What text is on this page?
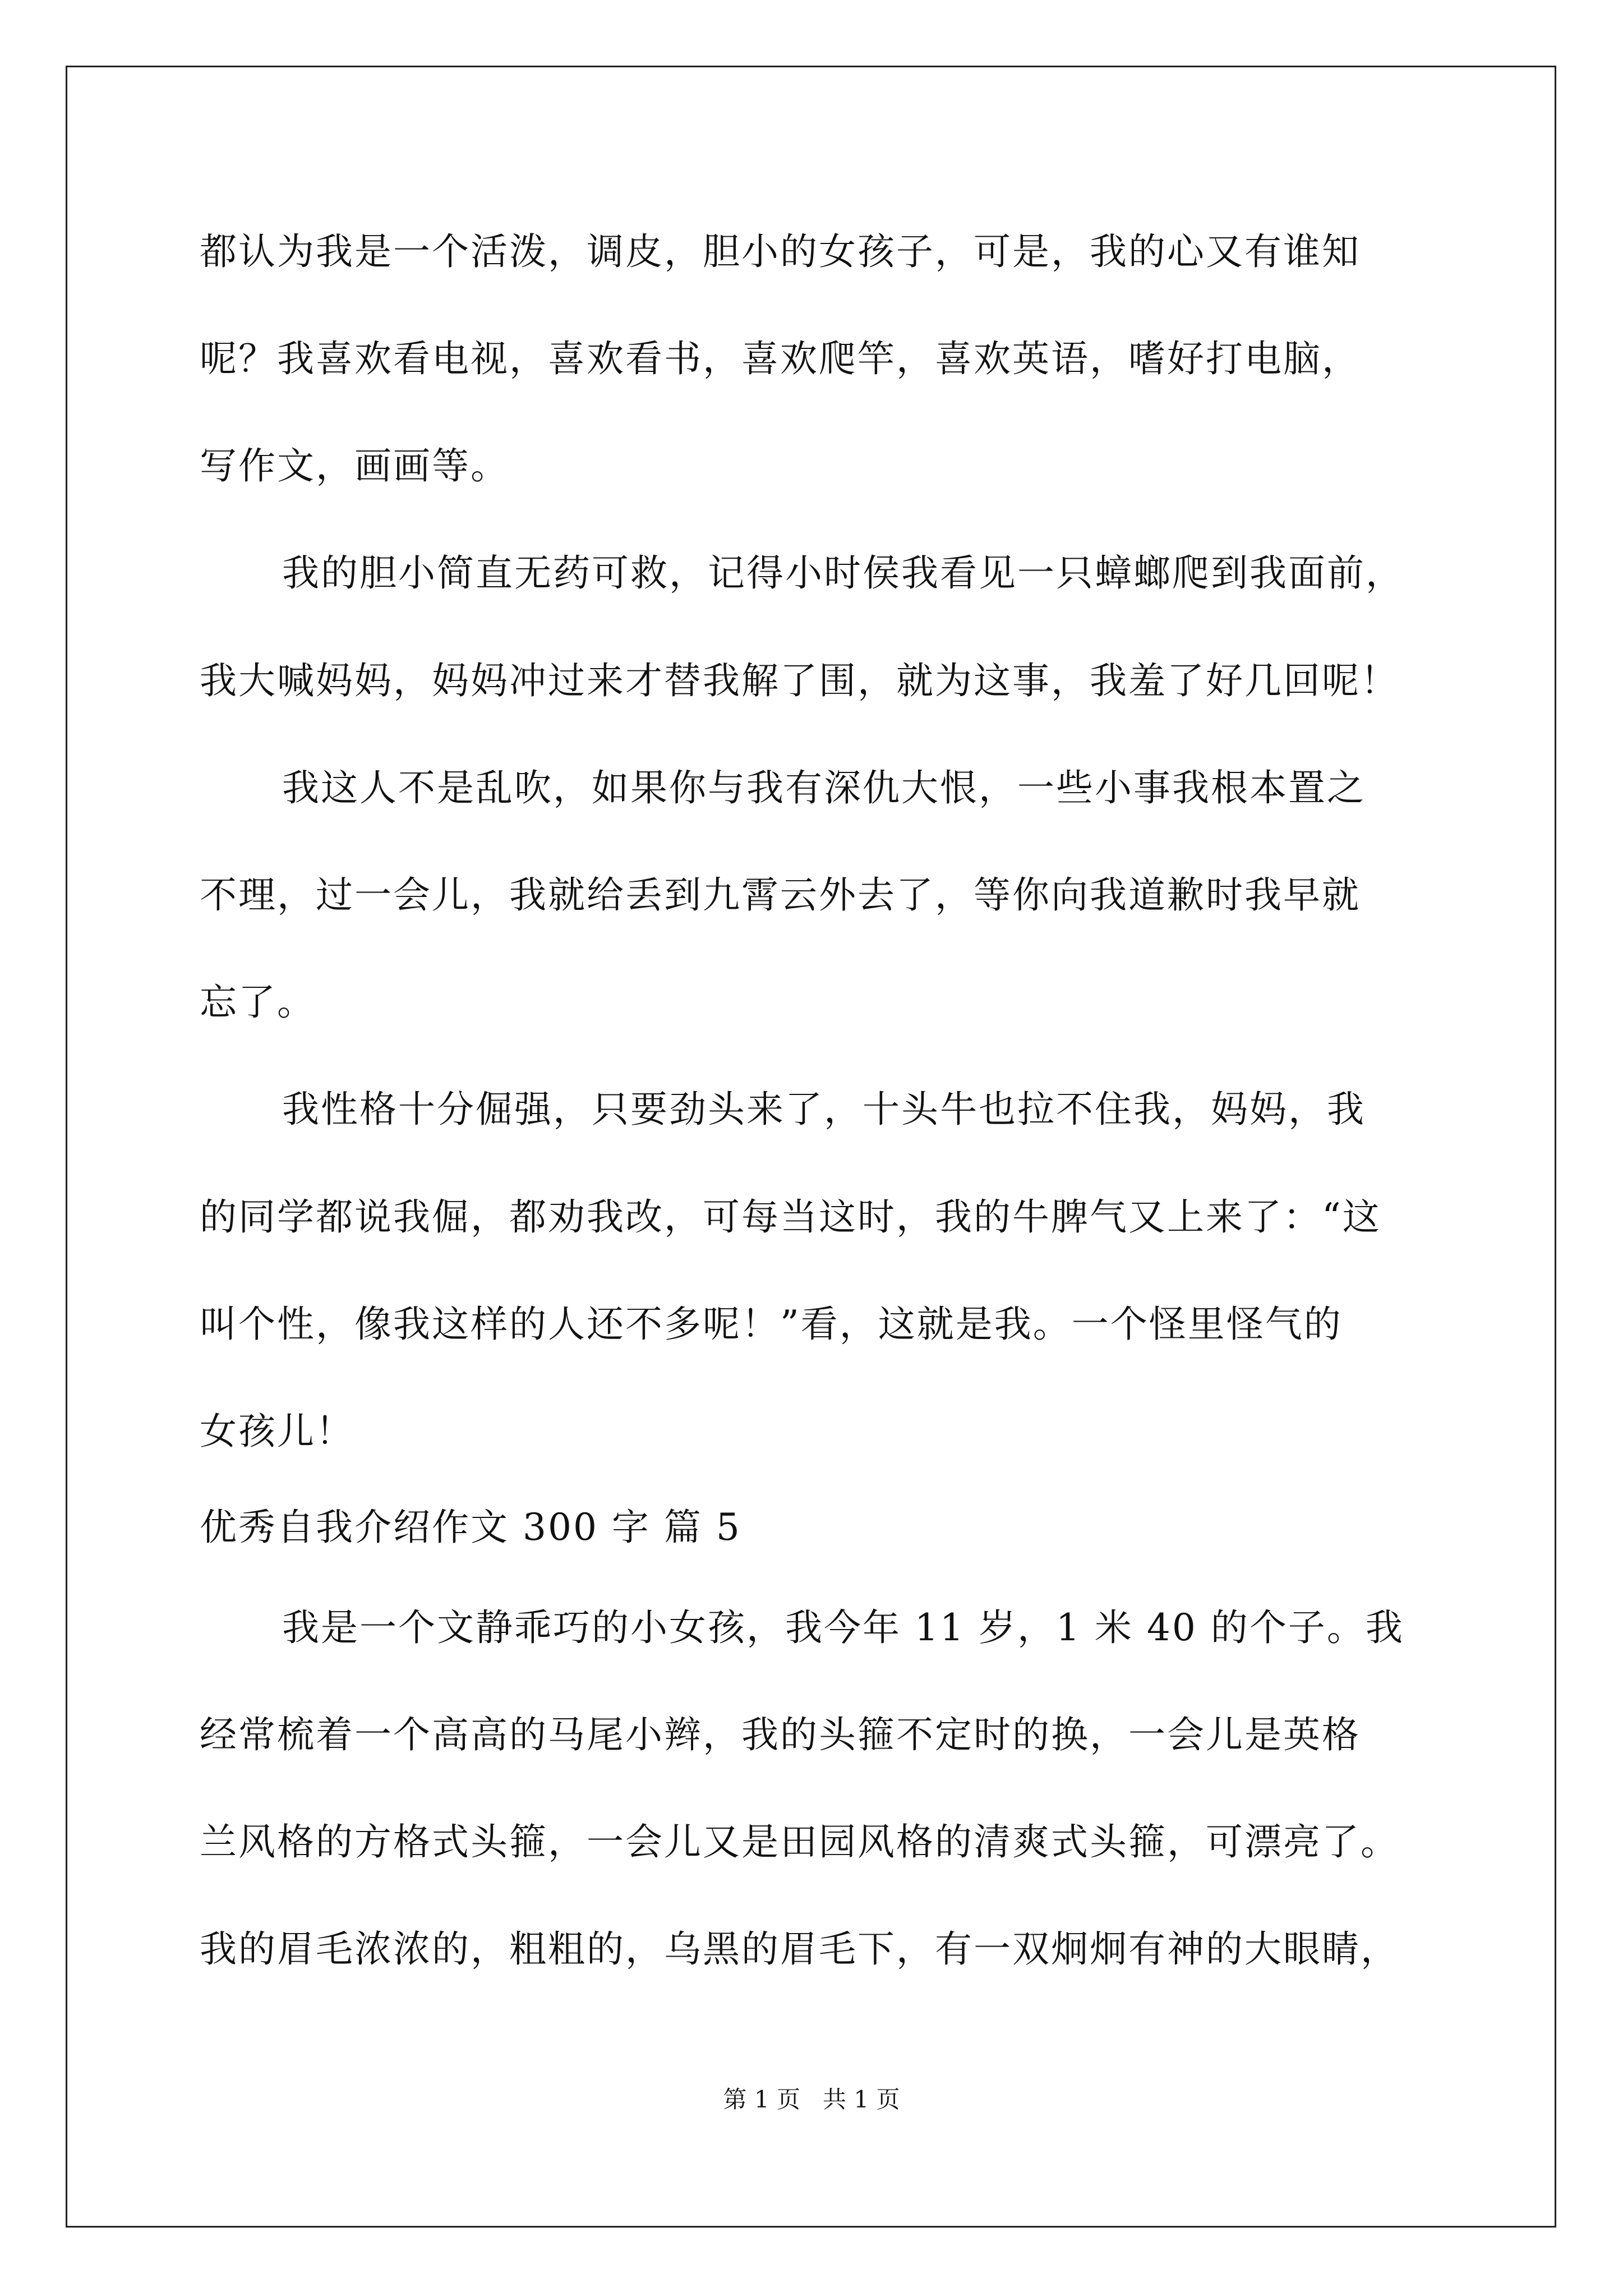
都认为我是一个活泼，调皮，胆小的女孩子，可是，我的心又有谁知
呢？我喜欢看电视，喜欢看书，喜欢爬竿，喜欢英语，嗜好打电脑，
写作文，画画等。
我的胆小简直无药可救，记得小时侯我看见一只蟑螂爬到我面前，
我大喊妈妈，妈妈冲过来才替我解了围，就为这事，我羞了好几回呢！
我这人不是乱吹，如果你与我有深仇大恨，一些小事我根本置之
不理，过一会儿，我就给丢到九霄云外去了，等你向我道歉时我早就
忘了。
我性格十分倔强，只要劲头来了，十头牛也拉不住我，妈妈，我
的同学都说我倔，都劝我改，可每当这时，我的牛脾气又上来了：“这
叫个性，像我这样的人还不多呢！”看，这就是我。一个怪里怪气的
女孩儿！
优秀自我介绍作文 300 字 篇 5
我是一个文静乖巧的小女孩，我今年 11 岁，1 米 40 的个子。我
经常梳着一个高高的马尾小辫，我的头箍不定时的换，一会儿是英格
兰风格的方格式头箍，一会儿又是田园风格的清爽式头箍，可漂亮了。
我的眉毛浓浓的，粗粗的，乌黑的眉毛下，有一双炯炯有神的大眼睛，
第 1 页   共 1 页
